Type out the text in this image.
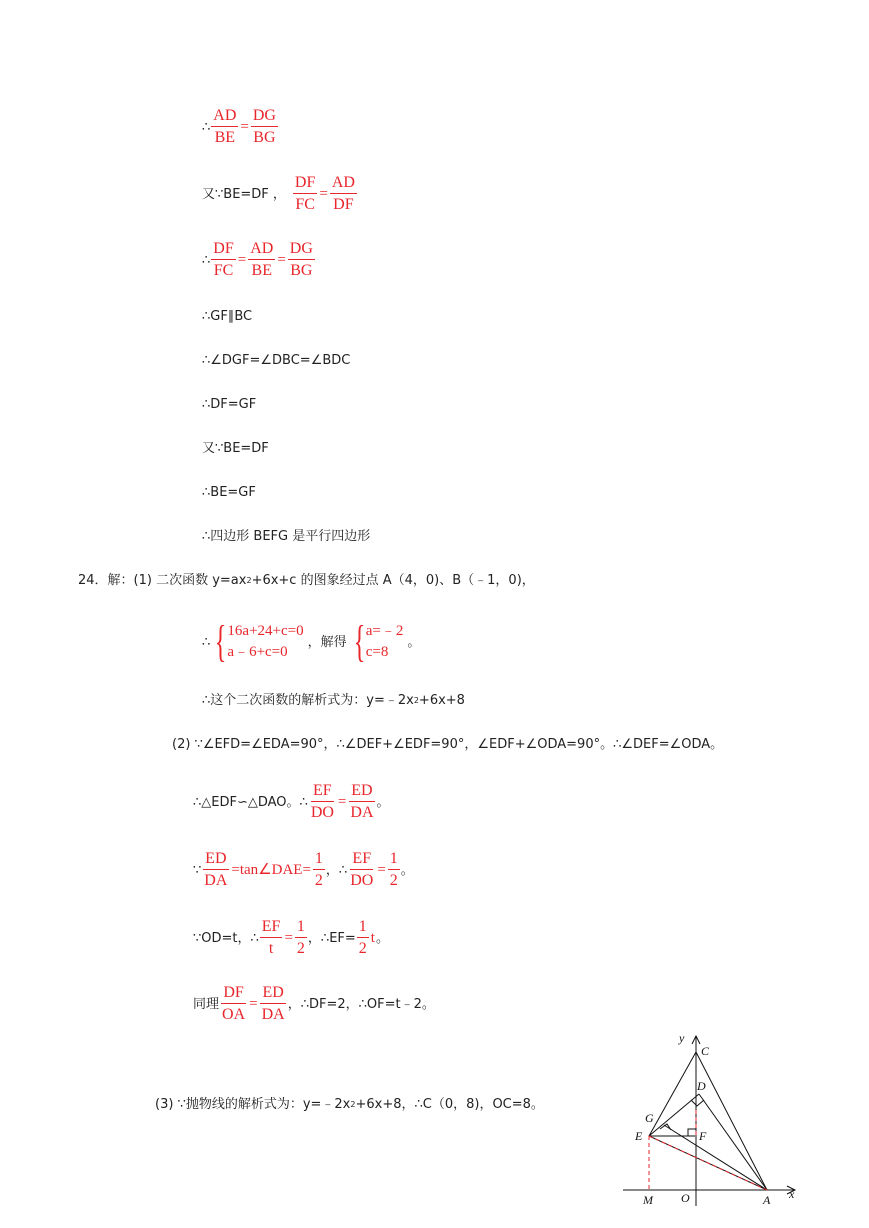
∴ $\frac{AD}{BE} = \frac{DG}{BG}$
又∵BE=DF ， $\frac{DF}{FC} = \frac{AD}{DF}$
∴ $\frac{DF}{FC} = \frac{AD}{BE} = \frac{DG}{BG}$
∴GF∥BC
∴∠DGF=∠DBC=∠BDC
∴DF=GF
又∵BE=DF
∴BE=GF
∴四边形 BEFG 是平行四边形
24．解：(1) 二次函数 y=ax 2 +6x+c 的图象经过点 A（4，0)、B（﹣1，0)，
∴ { 16a+24+c=0
a﹣6+c=0
，解得 { a=﹣2
c=8
。
∴这个二次函数的解析式为：y=﹣2x 2 +6x+8
(2) ∵∠EFD=∠EDA=90°，∴∠DEF+∠EDF=90°，∠EDF+∠ODA=90°。∴∠DEF=∠ODA。
∴△EDF∽△DAO。∴ $\frac{EF}{DO} = \frac{ED}{DA}$ 。
∵ $\frac{ED}{DA}$ =tan∠DAE= $\frac{1}{2}$ ，∴ $\frac{EF}{DO} = \frac{1}{2}$ 。
∵OD=t，∴ $\frac{EF}{t} = \frac{1}{2}$ ，∴EF= $\frac{1}{2}$ t 。
同理 $\frac{DF}{OA} = \frac{ED}{DA}$ ，∴DF=2，∴OF=t﹣2。
(3) ∵抛物线的解析式为：y=﹣2x 2 +6x+8，∴C（0，8)，OC=8。
y
C
D
G
E	F
M O	A x
